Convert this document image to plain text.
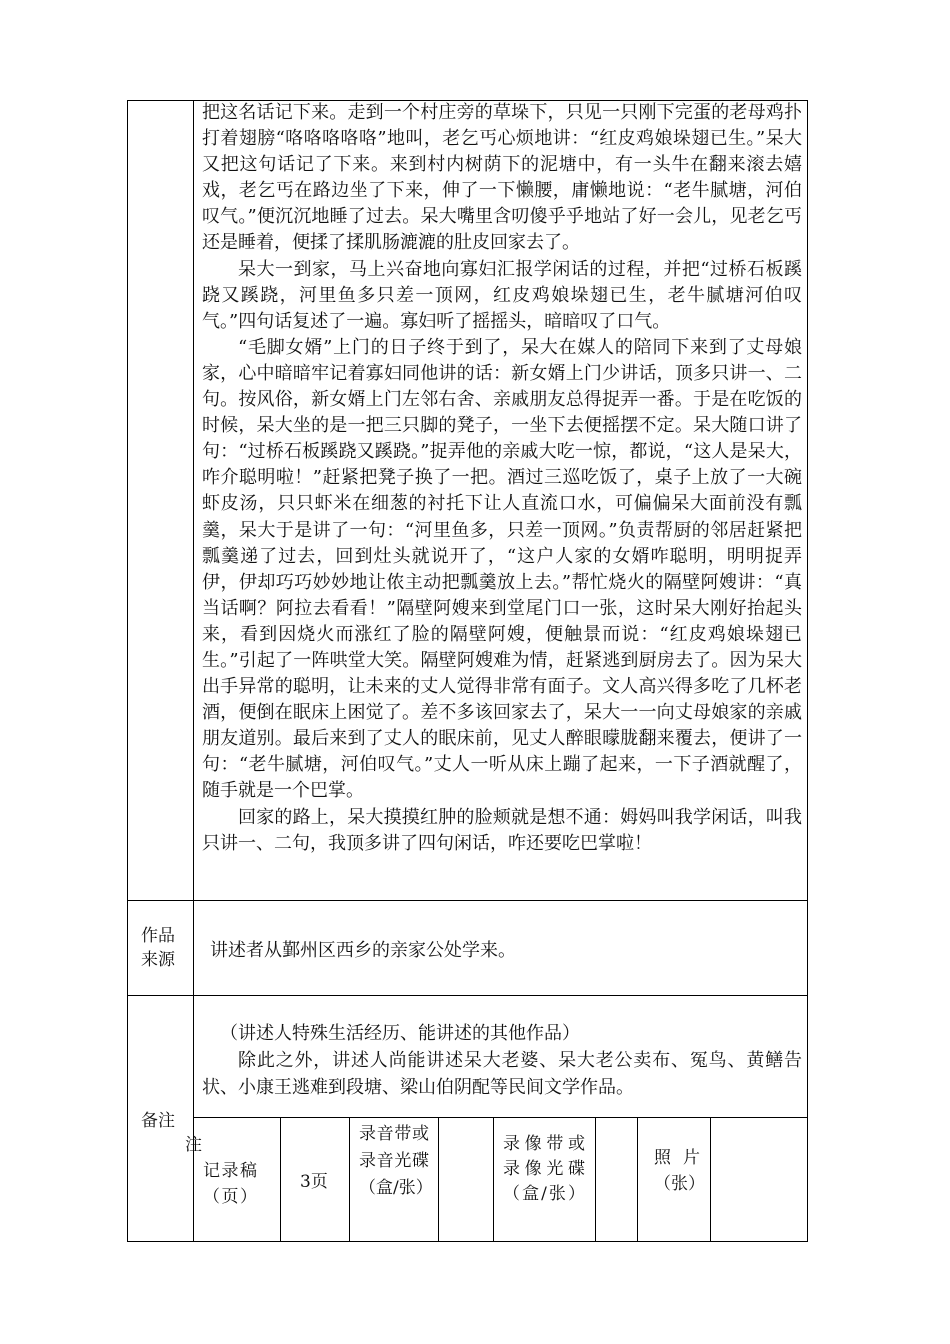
把这名话记下来。走到一个村庄旁的草垛下，只见一只刚下完蛋的老母鸡扑打着翅膀“咯咯咯咯咯”地叫，老乞丐心烦地讲：“红皮鸡娘垛翅已生。”呆大又把这句话记了下来。来到村内树荫下的泥塘中，有一头牛在翻来滚去嬉戏，老乞丐在路边坐了下来，伸了一下懒腰，庸懒地说：“老牛腻塘，河伯叹气。”便沉沉地睡了过去。呆大嘴里含叨傻乎乎地站了好一会儿，见老乞丐还是睡着，便揉了揉肌肠漉漉的肚皮回家去了。

呆大一到家，马上兴奋地向寡妇汇报学闲话的过程，并把“过桥石板蹊跷又蹊跷，河里鱼多只差一顶网，红皮鸡娘垛翅已生，老牛腻塘河伯叹气。”四句话复述了一遍。寡妇听了摇摇头，暗暗叹了口气。

“毛脚女婿”上门的日子终于到了，呆大在媒人的陪同下来到了丈母娘家，心中暗暗牢记着寡妇同他讲的话：新女婿上门少讲话，顶多只讲一、二句。按风俗，新女婿上门左邻右舍、亲戚朋友总得捉弄一番。于是在吃饭的时候，呆大坐的是一把三只脚的凳子，一坐下去便摇摆不定。呆大随口讲了句：“过桥石板蹊跷又蹊跷。”捉弄他的亲戚大吃一惊，都说，“这人是呆大，咋介聪明啦！”赶紧把凳子换了一把。酒过三巡吃饭了，桌子上放了一大碗虾皮汤，只只虾米在细葱的衬托下让人直流口水，可偏偏呆大面前没有瓢羹，呆大于是讲了一句：“河里鱼多，只差一顶网。”负责帮厨的邻居赶紧把瓢羹递了过去，回到灶头就说开了，“这户人家的女婿咋聪明，明明捉弄伊，伊却巧巧妙妙地让侬主动把瓢羹放上去。”帮忙烧火的隔壁阿嫂讲：“真当话啊？阿拉去看看！”隔壁阿嫂来到堂尾门口一张，这时呆大刚好抬起头来，看到因烧火而涨红了脸的隔壁阿嫂，便触景而说：“红皮鸡娘垛翅已生。”引起了一阵哄堂大笑。隔壁阿嫂难为情，赶紧逃到厨房去了。因为呆大出手异常的聪明，让未来的丈人觉得非常有面子。文人高兴得多吃了几杯老酒，便倒在眠床上困觉了。差不多该回家去了，呆大一一向丈母娘家的亲戚朋友道别。最后来到了丈人的眠床前，见丈人醉眼曚胧翻来覆去，便讲了一句：“老牛腻塘，河伯叹气。”丈人一听从床上蹦了起来，一下子酒就醒了，随手就是一个巴掌。

回家的路上，呆大摸摸红肿的脸颊就是想不通：姆妈叫我学闲话，叫我只讲一、二句，我顶多讲了四句闲话，咋还要吃巴掌啦！

作品来源 讲述者从鄞州区西乡的亲家公处学来。
备注

（讲述人特殊生活经历、能讲述的其他作品）

除此之外，讲述人尚能讲述呆大老婆、呆大老公卖布、冤鸟、黄鳝告状、小康王逃难到段塘、梁山伯阴配等民间文学作品。

注
记录稿（页）
3页
录音带或录音光碟（盒/张）
录像带或录像光碟（盒/张）
照片（张）
